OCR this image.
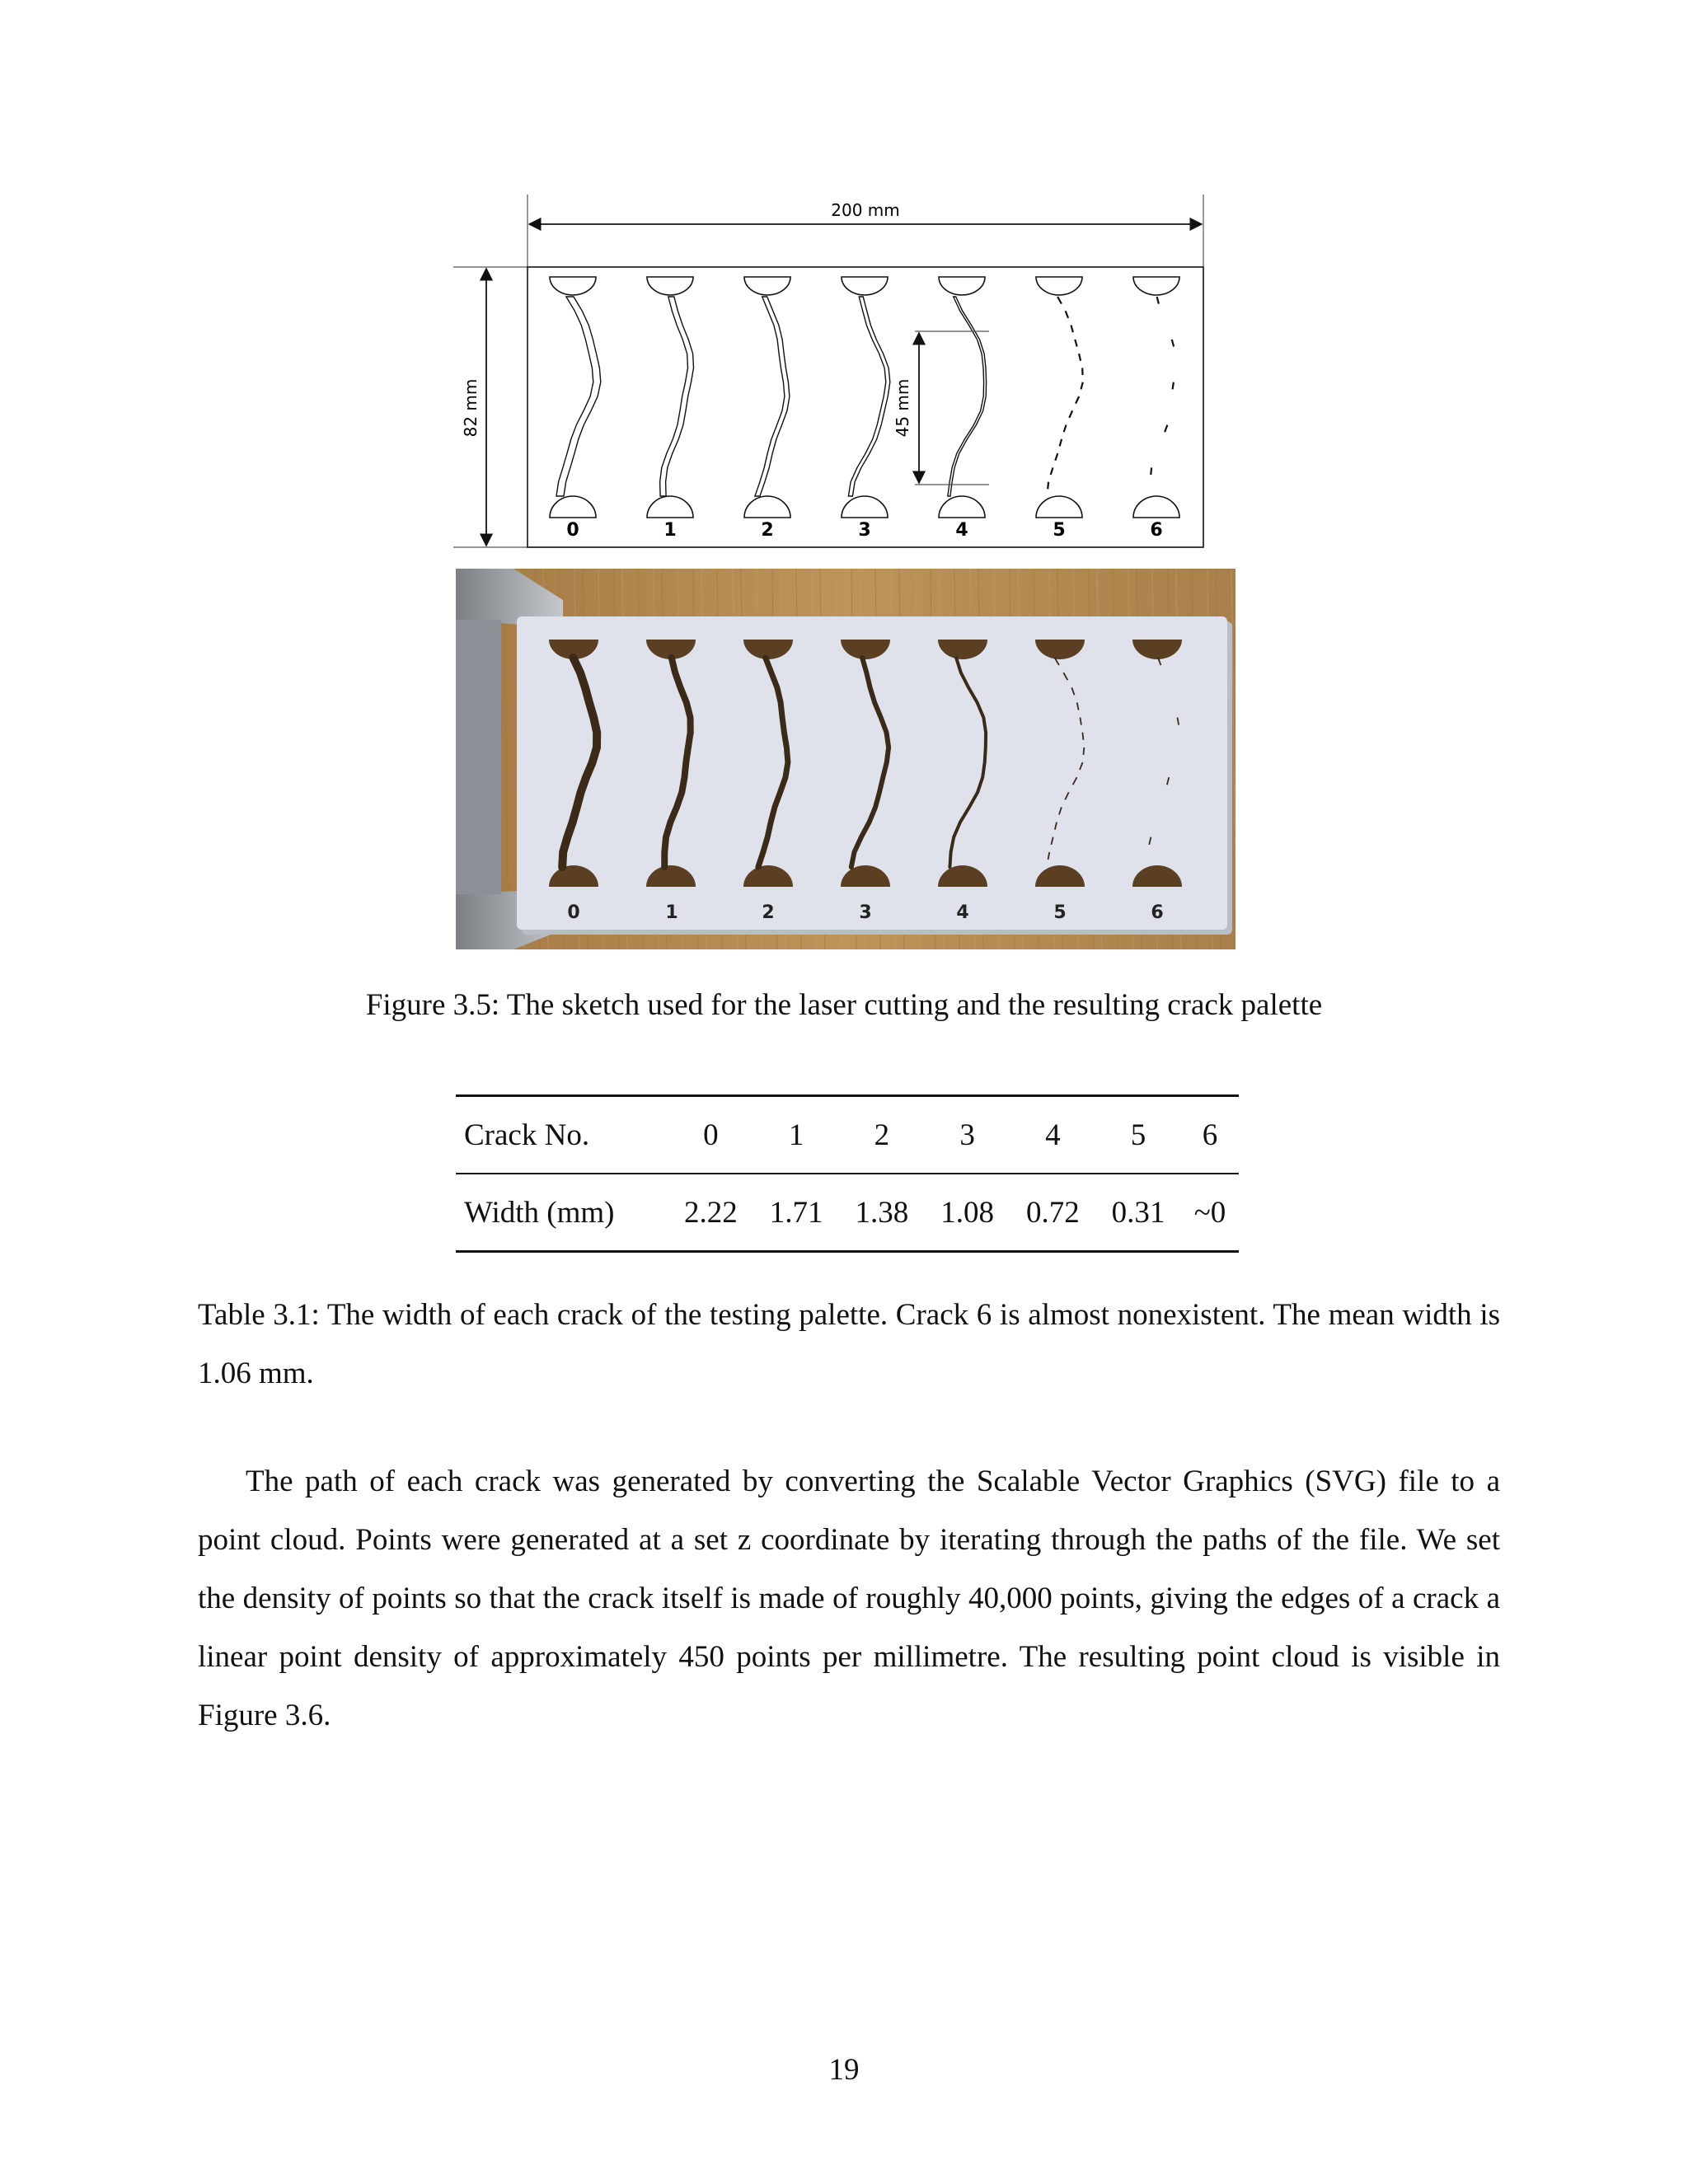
200 mm
82 mm	45 mm
0	1	2	3	4	5	6
0	1	2	3	4	5	6
Figure 3.5: The sketch used for the laser cutting and the resulting crack palette
Crack No.	0	1	2	3	4	5	6
Width (mm)	2.22	1.71	1.38	1.08	0.72	0.31	~0
Table 3.1: The width of each crack of the testing palette. Crack 6 is almost nonexistent. The mean width is 1.06 mm.
The path of each crack was generated by converting the Scalable Vector Graphics (SVG) file to a point cloud. Points were generated at a set z coordinate by iterating through the paths of the file. We set the density of points so that the crack itself is made of roughly 40,000 points, giving the edges of a crack a linear point density of approximately 450 points per millimetre. The resulting point cloud is visible in Figure 3.6.
19
